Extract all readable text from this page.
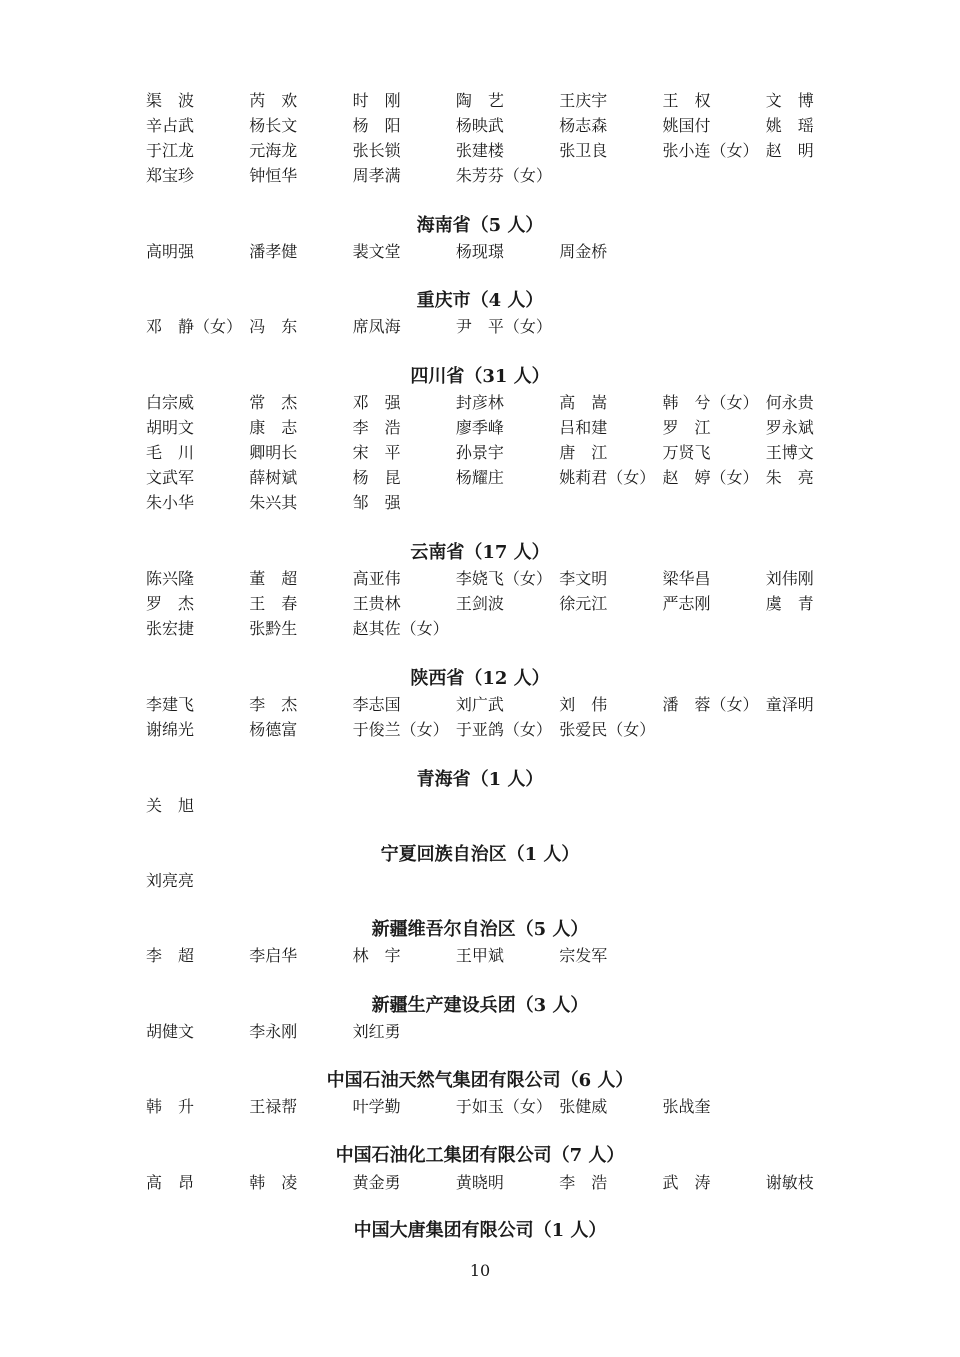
渠　波	芮　欢	时　刚	陶　艺	王庆宇	王　权	文　博
辛占武	杨长文	杨　阳	杨映武	杨志森	姚国付	姚　瑶
于江龙	元海龙	张长锁	张建楼	张卫良	张小连（女） 赵　明
郑宝珍	钟恒华	周孝满	朱芳芬（女）
海南省（5 人）
高明强	潘孝健	裴文堂	杨现璟	周金桥
重庆市（4 人）
邓　静（女） 冯　东	席凤海	尹　平（女）
四川省（31 人）
白宗威	常　杰	邓　强	封彦林	高　嵩	韩　兮（女） 何永贵
胡明文	康　志	李　浩	廖季峰	吕和建	罗　江	罗永斌
毛　川	卿明长	宋　平	孙景宇	唐　江	万贤飞	王博文
文武军	薛树斌	杨　昆	杨耀庄	姚莉君（女） 赵　婷（女） 朱　亮
朱小华	朱兴其	邹　强
云南省（17 人）
陈兴隆	董　超	高亚伟	李娆飞（女） 李文明	梁华昌	刘伟刚
罗　杰	王　春	王贵林	王剑波	徐元江	严志刚	虞　青
张宏捷	张黔生	赵其佐（女）
陕西省（12 人）
李建飞	李　杰	李志国	刘广武	刘　伟	潘　蓉（女） 童泽明
谢绵光	杨德富	于俊兰（女） 于亚鸽（女） 张爱民（女）
青海省（1 人）
关　旭
宁夏回族自治区（1 人）
刘亮亮
新疆维吾尔自治区（5 人）
李　超	李启华	林　宇	王甲斌	宗发军
新疆生产建设兵团（3 人）
胡健文	李永刚	刘红勇
中国石油天然气集团有限公司（6 人）
韩　升	王禄帮	叶学勤	于如玉（女） 张健威	张战奎
中国石油化工集团有限公司（7 人）
高　昂	韩　凌	黄金勇	黄晓明	李　浩	武　涛	谢敏枝
中国大唐集团有限公司（1 人）
10
